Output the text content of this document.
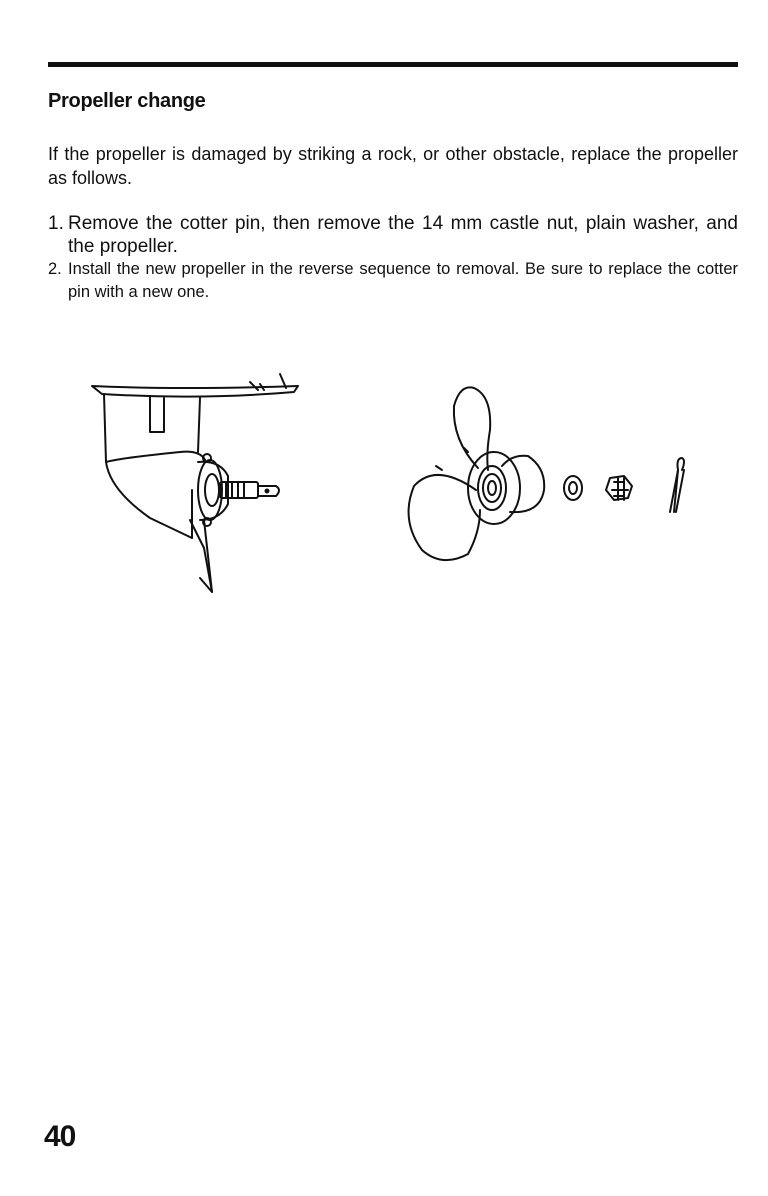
Propeller change

If the propeller is damaged by striking a rock, or other obstacle, replace the propeller as follows.

1. Remove the cotter pin, then remove the 14 mm castle nut, plain washer, and the propeller.
2. Install the new propeller in the reverse sequence to removal. Be sure to replace the cotter pin with a new one.
40
